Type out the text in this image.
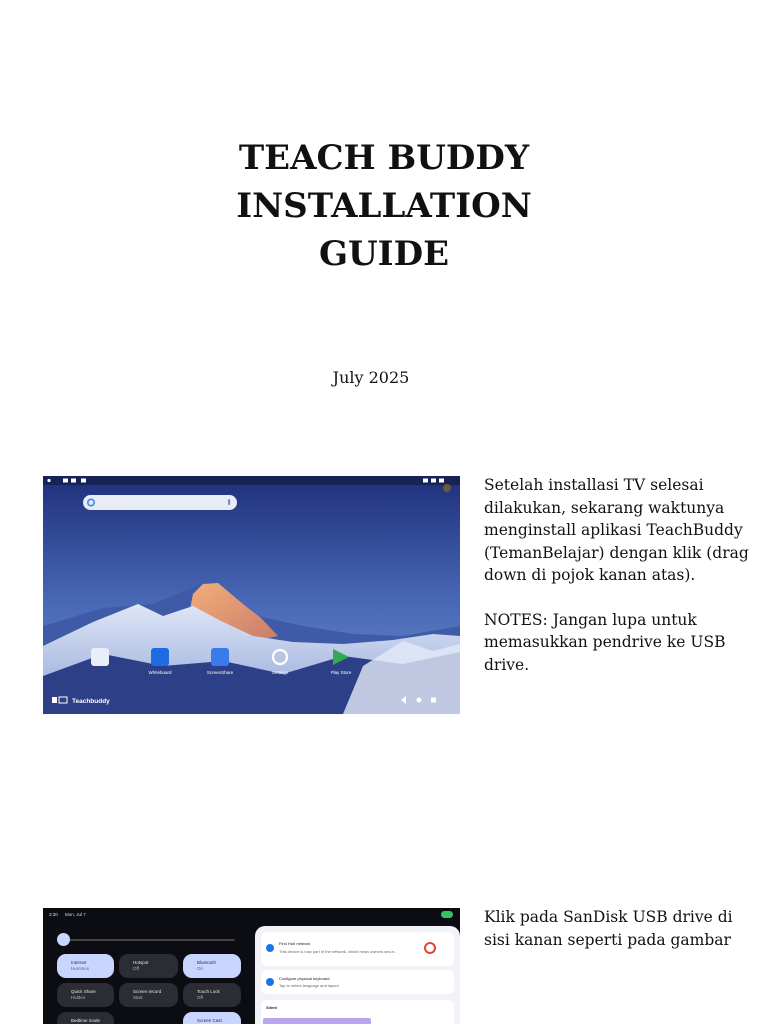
TEACH BUDDY
INSTALLATION
GUIDE
July 2025
Whiteboard	ScreenShare	Settings	Play Store
Teachbuddy

Setelah installasi TV selesai dilakukan, sekarang waktunya menginstall aplikasi TeachBuddy (TemanBelajar) dengan klik (drag down di pojok kanan atas).

NOTES: Jangan lupa untuk memasukkan pendrive ke USB drive.

3:30 Mon, Jul 7
Internet
Hummus
Hotspot
Off
Bluetooth
On
Quick Share
Hidden
Screen record
Start
Touch Lock
Off
Bedtime mode	Screen Cast
Find Hub network
This device is now part of the network, which helps owners secur...
Configure physical keyboard
Tap to select language and layout
Silent

Klik pada SanDisk USB drive di sisi kanan seperti pada gambar
